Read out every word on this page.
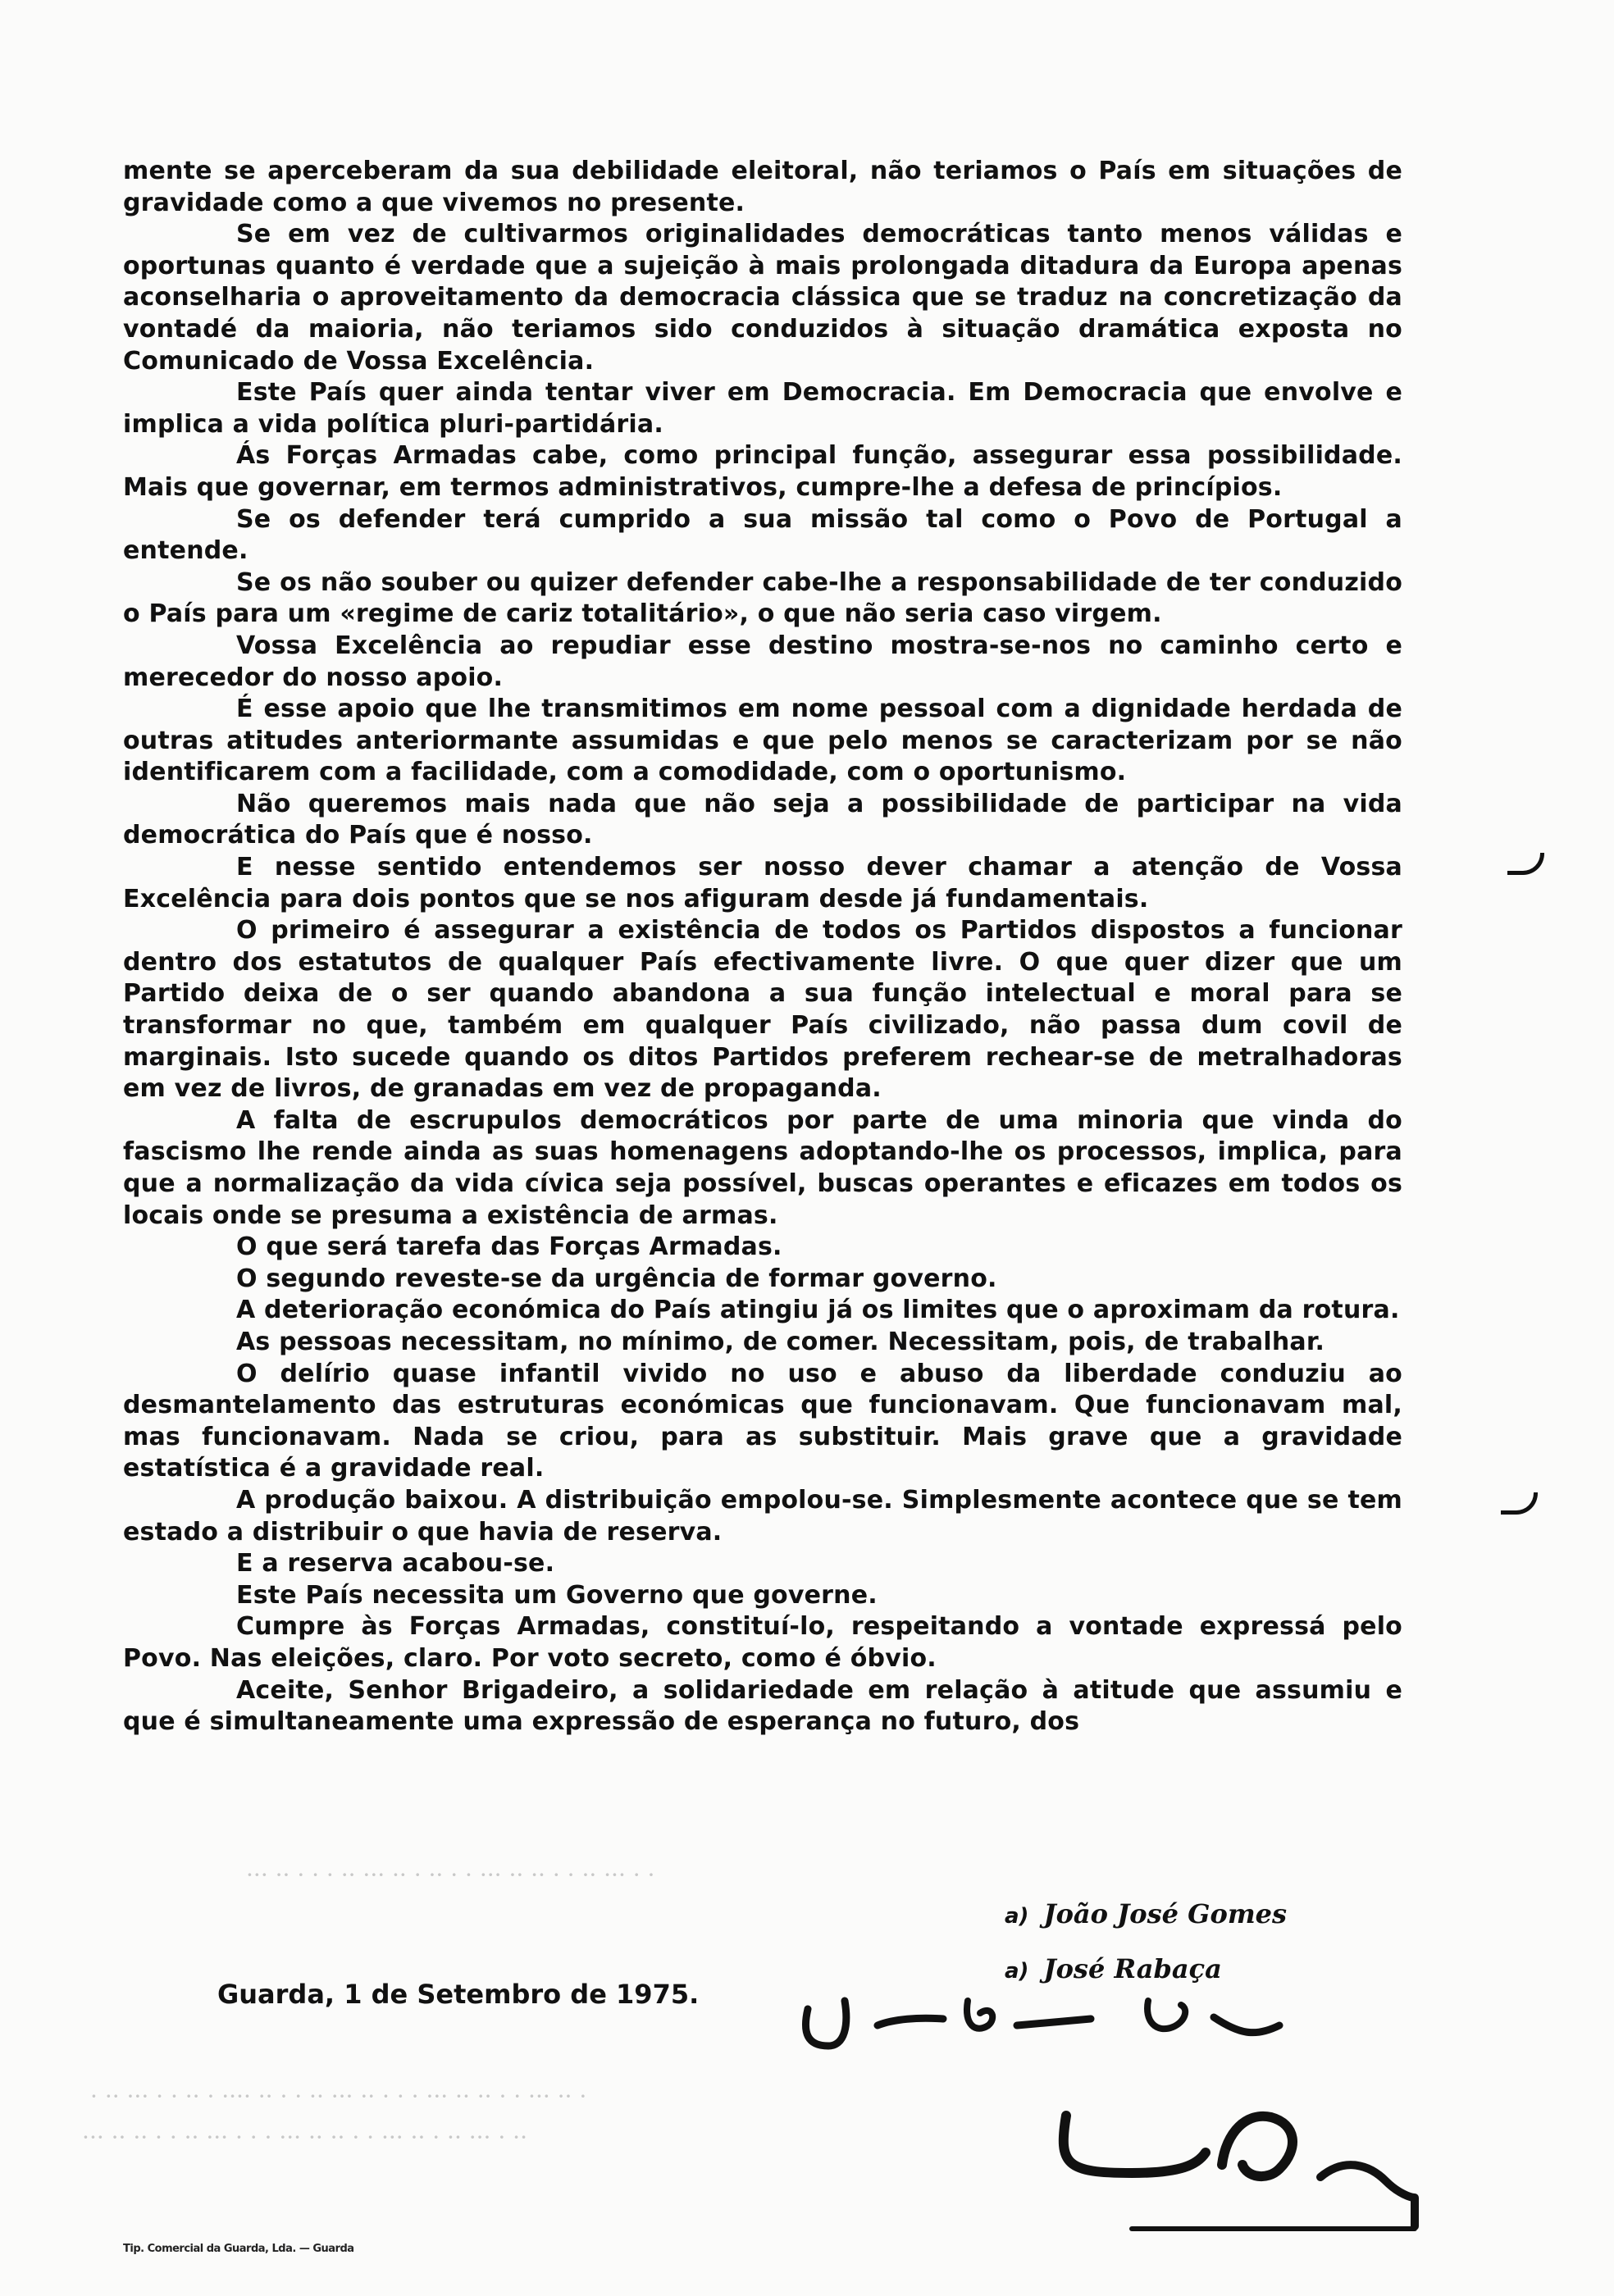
mente se aperceberam da sua debilidade eleitoral, não teriamos o País em situações de gravidade como a que vivemos no presente.

Se em vez de cultivarmos originalidades democráticas tanto menos válidas e oportunas quanto é verdade que a sujeição à mais prolongada ditadura da Europa apenas aconselharia o aproveitamento da democracia clássica que se traduz na concretização da vontadé da maioria, não teriamos sido conduzidos à situação dramática exposta no Comunicado de Vossa Excelência.

Este País quer ainda tentar viver em Democracia. Em Democracia que envolve e implica a vida política pluri-partidária.

Ás Forças Armadas cabe, como principal função, assegurar essa possibilidade. Mais que governar, em termos administrativos, cumpre-lhe a defesa de princípios.

Se os defender terá cumprido a sua missão tal como o Povo de Portugal a entende.

Se os não souber ou quizer defender cabe-lhe a responsabilidade de ter conduzido o País para um «regime de cariz totalitário», o que não seria caso virgem.

Vossa Excelência ao repudiar esse destino mostra-se-nos no caminho certo e merecedor do nosso apoio.

É esse apoio que lhe transmitimos em nome pessoal com a dignidade herdada de outras atitudes anteriormante assumidas e que pelo menos se caracterizam por se não identificarem com a facilidade, com a comodidade, com o oportunismo.

Não queremos mais nada que não seja a possibilidade de participar na vida democrática do País que é nosso.

E nesse sentido entendemos ser nosso dever chamar a atenção de Vossa Excelência para dois pontos que se nos afiguram desde já fundamentais.

O primeiro é assegurar a existência de todos os Partidos dispostos a funcionar dentro dos estatutos de qualquer País efectivamente livre. O que quer dizer que um Partido deixa de o ser quando abandona a sua função intelectual e moral para se transformar no que, também em qualquer País civilizado, não passa dum covil de marginais. Isto sucede quando os ditos Partidos preferem rechear-se de metralhadoras em vez de livros, de granadas em vez de propaganda.

A falta de escrupulos democráticos por parte de uma minoria que vinda do fascismo lhe rende ainda as suas homenagens adoptando-lhe os processos, implica, para que a normalização da vida cívica seja possível, buscas operantes e eficazes em todos os locais onde se presuma a existência de armas.

O que será tarefa das Forças Armadas.

O segundo reveste-se da urgência de formar governo.

A deterioração económica do País atingiu já os limites que o aproximam da rotura.

As pessoas necessitam, no mínimo, de comer. Necessitam, pois, de trabalhar.

O delírio quase infantil vivido no uso e abuso da liberdade conduziu ao desmantelamento das estruturas económicas que funcionavam. Que funcionavam mal, mas funcionavam. Nada se criou, para as substituir. Mais grave que a gravidade estatística é a gravidade real.

A produção baixou. A distribuição empolou-se. Simplesmente acontece que se tem estado a distribuir o que havia de reserva.

E a reserva acabou-se.

Este País necessita um Governo que governe.

Cumpre às Forças Armadas, constituí-lo, respeitando a vontade expressá pelo Povo. Nas eleições, claro. Por voto secreto, como é óbvio.

Aceite, Senhor Brigadeiro, a solidariedade em relação à atitude que assumiu e que é simultaneamente uma expressão de esperança no futuro, dos

· · ··· ·· · · ·· ·· ··· · · ·· · ·· ··· ·· · · · ·· ···
· ·· ··· · · ·· ·· ··· · · · ·· ··· ·· · · ·· ···· · ·· · · ··· ·· ·
·· · ··· ·· · ·· ··· · · ·· ·· ··· · · · ··· ·· · · ·· ·· ···
a) João José Gomes
a) José Rabaça
Guarda, 1 de Setembro de 1975.
Tip. Comercial da Guarda, Lda. — Guarda
